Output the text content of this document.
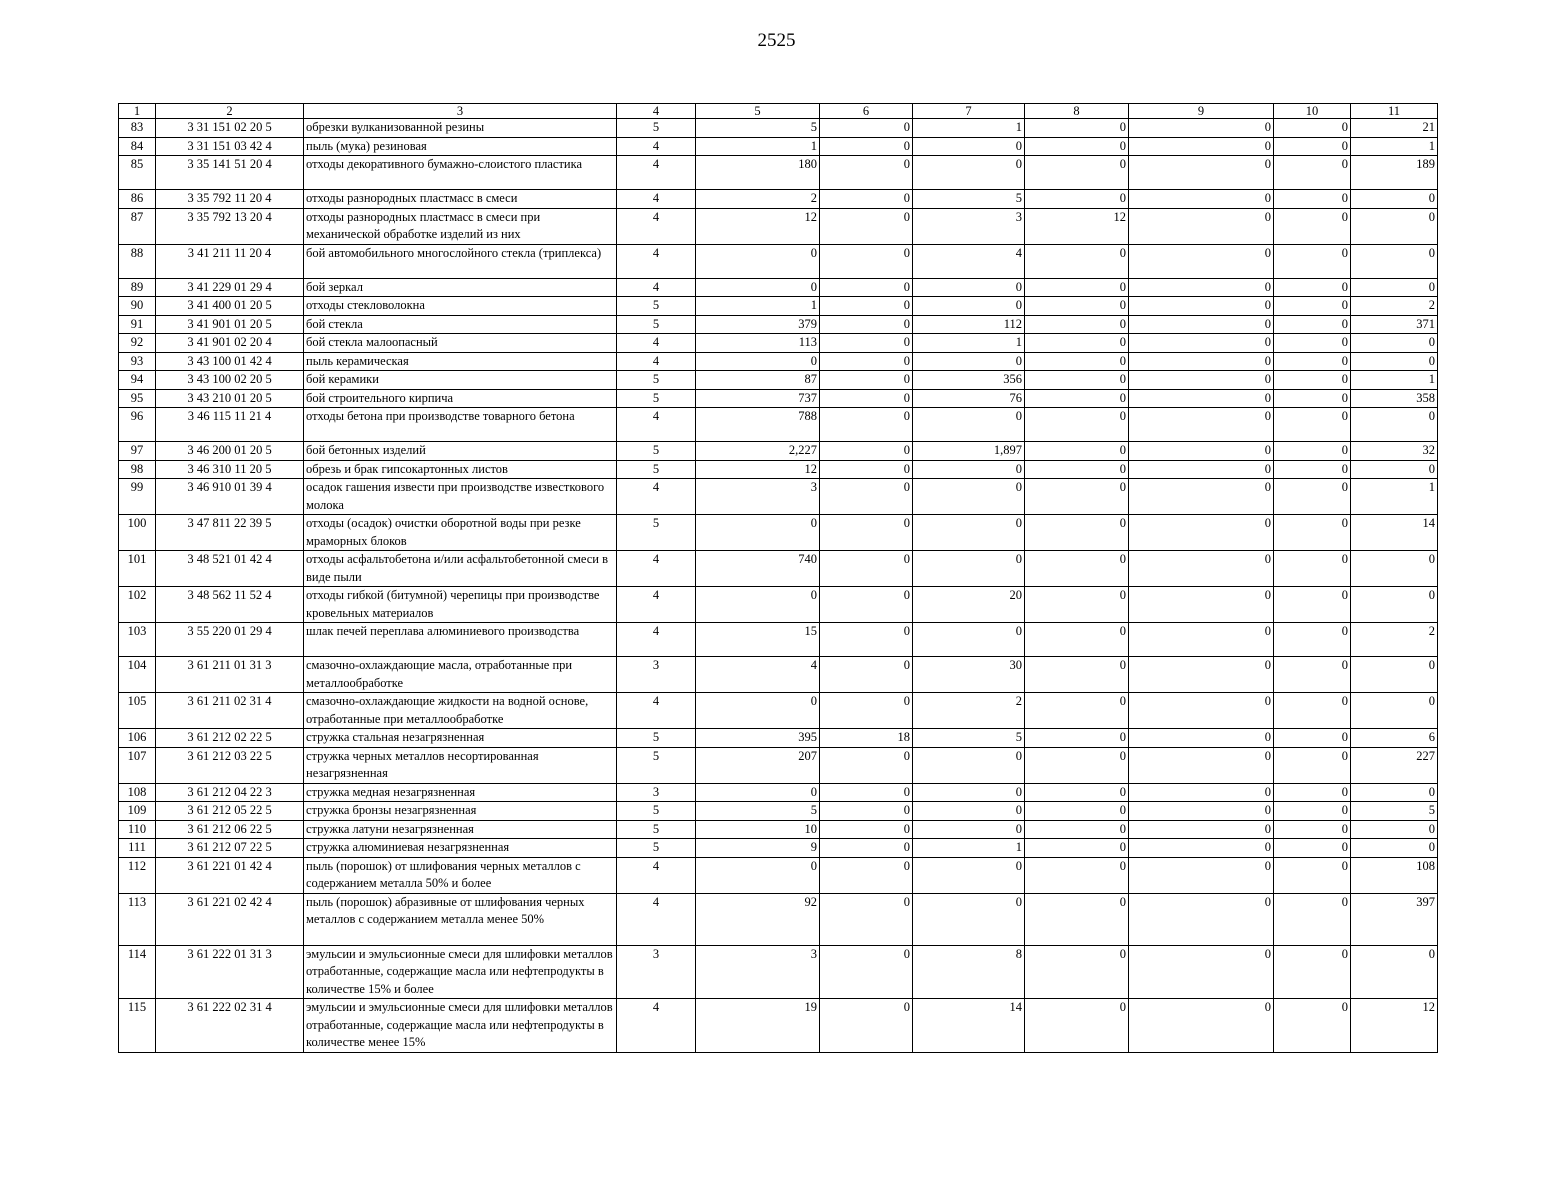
2525
1	2	3	4	5	6	7	8	9	10	11
83	3 31 151 02 20 5	обрезки вулканизованной резины	5	5	0	1	0	0	0	21
84	3 31 151 03 42 4	пыль (мука) резиновая	4	1	0	0	0	0	0	1
85	3 35 141 51 20 4	отходы декоративного бумажно-слоистого пластика	4	180	0	0	0	0	0	189
86	3 35 792 11 20 4	отходы разнородных пластмасс в смеси	4	2	0	5	0	0	0	0
87	3 35 792 13 20 4	отходы разнородных пластмасс в смеси при механической обработке изделий из них	4	12	0	3	12	0	0	0
88	3 41 211 11 20 4	бой автомобильного многослойного стекла (триплекса)	4	0	0	4	0	0	0	0
89	3 41 229 01 29 4	бой зеркал	4	0	0	0	0	0	0	0
90	3 41 400 01 20 5	отходы стекловолокна	5	1	0	0	0	0	0	2
91	3 41 901 01 20 5	бой стекла	5	379	0	112	0	0	0	371
92	3 41 901 02 20 4	бой стекла малоопасный	4	113	0	1	0	0	0	0
93	3 43 100 01 42 4	пыль керамическая	4	0	0	0	0	0	0	0
94	3 43 100 02 20 5	бой керамики	5	87	0	356	0	0	0	1
95	3 43 210 01 20 5	бой строительного кирпича	5	737	0	76	0	0	0	358
96	3 46 115 11 21 4	отходы бетона при производстве товарного бетона	4	788	0	0	0	0	0	0
97	3 46 200 01 20 5	бой бетонных изделий	5	2,227	0	1,897	0	0	0	32
98	3 46 310 11 20 5	обрезь и брак гипсокартонных листов	5	12	0	0	0	0	0	0
99	3 46 910 01 39 4	осадок гашения извести при производстве известкового молока	4	3	0	0	0	0	0	1
100	3 47 811 22 39 5	отходы (осадок) очистки оборотной воды при резке мраморных блоков	5	0	0	0	0	0	0	14
101	3 48 521 01 42 4	отходы асфальтобетона и/или асфальтобетонной смеси в виде пыли	4	740	0	0	0	0	0	0
102	3 48 562 11 52 4	отходы гибкой (битумной) черепицы при производстве кровельных материалов	4	0	0	20	0	0	0	0
103	3 55 220 01 29 4	шлак печей переплава алюминиевого производства	4	15	0	0	0	0	0	2
104	3 61 211 01 31 3	смазочно-охлаждающие масла, отработанные при металлообработке	3	4	0	30	0	0	0	0
105	3 61 211 02 31 4	смазочно-охлаждающие жидкости на водной основе, отработанные при металлообработке	4	0	0	2	0	0	0	0
106	3 61 212 02 22 5	стружка стальная незагрязненная	5	395	18	5	0	0	0	6
107	3 61 212 03 22 5	стружка черных металлов несортированная незагрязненная	5	207	0	0	0	0	0	227
108	3 61 212 04 22 3	стружка медная незагрязненная	3	0	0	0	0	0	0	0
109	3 61 212 05 22 5	стружка бронзы незагрязненная	5	5	0	0	0	0	0	5
110	3 61 212 06 22 5	стружка латуни незагрязненная	5	10	0	0	0	0	0	0
111	3 61 212 07 22 5	стружка алюминиевая незагрязненная	5	9	0	1	0	0	0	0
112	3 61 221 01 42 4	пыль (порошок) от шлифования черных металлов с содержанием металла 50% и более	4	0	0	0	0	0	0	108
113	3 61 221 02 42 4	пыль (порошок) абразивные от шлифования черных металлов с содержанием металла менее 50%	4	92	0	0	0	0	0	397
114	3 61 222 01 31 3	эмульсии и эмульсионные смеси для шлифовки металлов отработанные, содержащие масла или нефтепродукты в количестве 15% и более	3	3	0	8	0	0	0	0
115	3 61 222 02 31 4	эмульсии и эмульсионные смеси для шлифовки металлов отработанные, содержащие масла или нефтепродукты в количестве менее 15%	4	19	0	14	0	0	0	12
